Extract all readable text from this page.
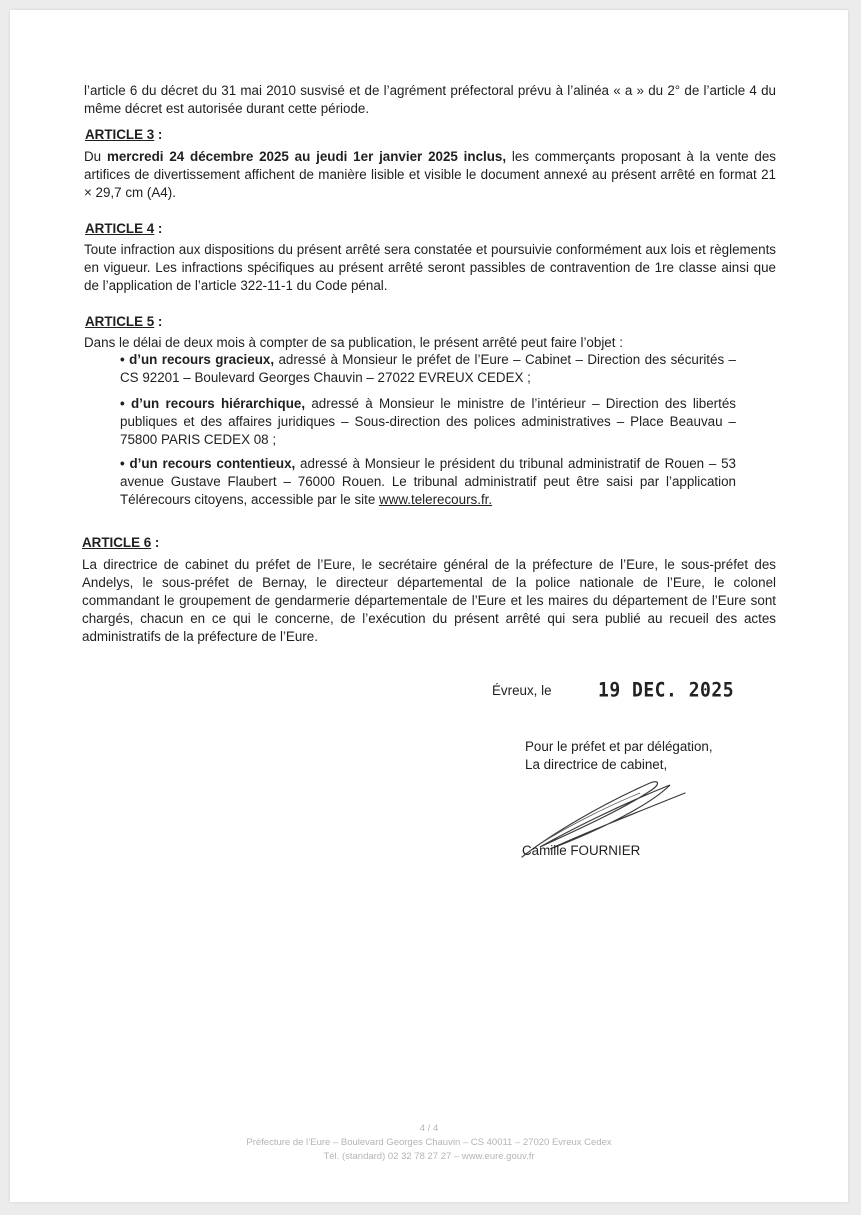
l’article 6 du décret du 31 mai 2010 susvisé et de l’agrément préfectoral prévu à l’alinéa « a » du 2° de l’article 4 du même décret est autorisée durant cette période.

ARTICLE 3 :

Du mercredi 24 décembre 2025 au jeudi 1er janvier 2025 inclus, les commerçants proposant à la vente des artifices de divertissement affichent de manière lisible et visible le document annexé au présent arrêté en format 21 × 29,7 cm (A4).

ARTICLE 4 :

Toute infraction aux dispositions du présent arrêté sera constatée et poursuivie conformément aux lois et règlements en vigueur. Les infractions spécifiques au présent arrêté seront passibles de contravention de 1re classe ainsi que de l’application de l’article 322-11-1 du Code pénal.

ARTICLE 5 :

Dans le délai de deux mois à compter de sa publication, le présent arrêté peut faire l’objet :

• d’un recours gracieux, adressé à Monsieur le préfet de l’Eure – Cabinet – Direction des sécurités – CS 92201 – Boulevard Georges Chauvin – 27022 EVREUX CEDEX ;

• d’un recours hiérarchique, adressé à Monsieur le ministre de l’intérieur – Direction des libertés publiques et des affaires juridiques – Sous-direction des polices administratives – Place Beauvau – 75800 PARIS CEDEX 08 ;

• d’un recours contentieux, adressé à Monsieur le président du tribunal administratif de Rouen – 53 avenue Gustave Flaubert – 76000 Rouen. Le tribunal administratif peut être saisi par l’application Télérecours citoyens, accessible par le site www.telerecours.fr.

ARTICLE 6 :

La directrice de cabinet du préfet de l’Eure, le secrétaire général de la préfecture de l’Eure, le sous-préfet des Andelys, le sous-préfet de Bernay, le directeur départemental de la police nationale de l’Eure, le colonel commandant le groupement de gendarmerie départementale de l’Eure et les maires du département de l’Eure sont chargés, chacun en ce qui le concerne, de l’exécution du présent arrêté qui sera publié au recueil des actes administratifs de la préfecture de l’Eure.

Évreux, le	19 DEC. 2025

Pour le préfet et par délégation,

La directrice de cabinet,

Camille FOURNIER

4 / 4
Préfecture de l’Eure – Boulevard Georges Chauvin – CS 40011 – 27020 Evreux Cedex
Tél. (standard) 02 32 78 27 27 – www.eure.gouv.fr
